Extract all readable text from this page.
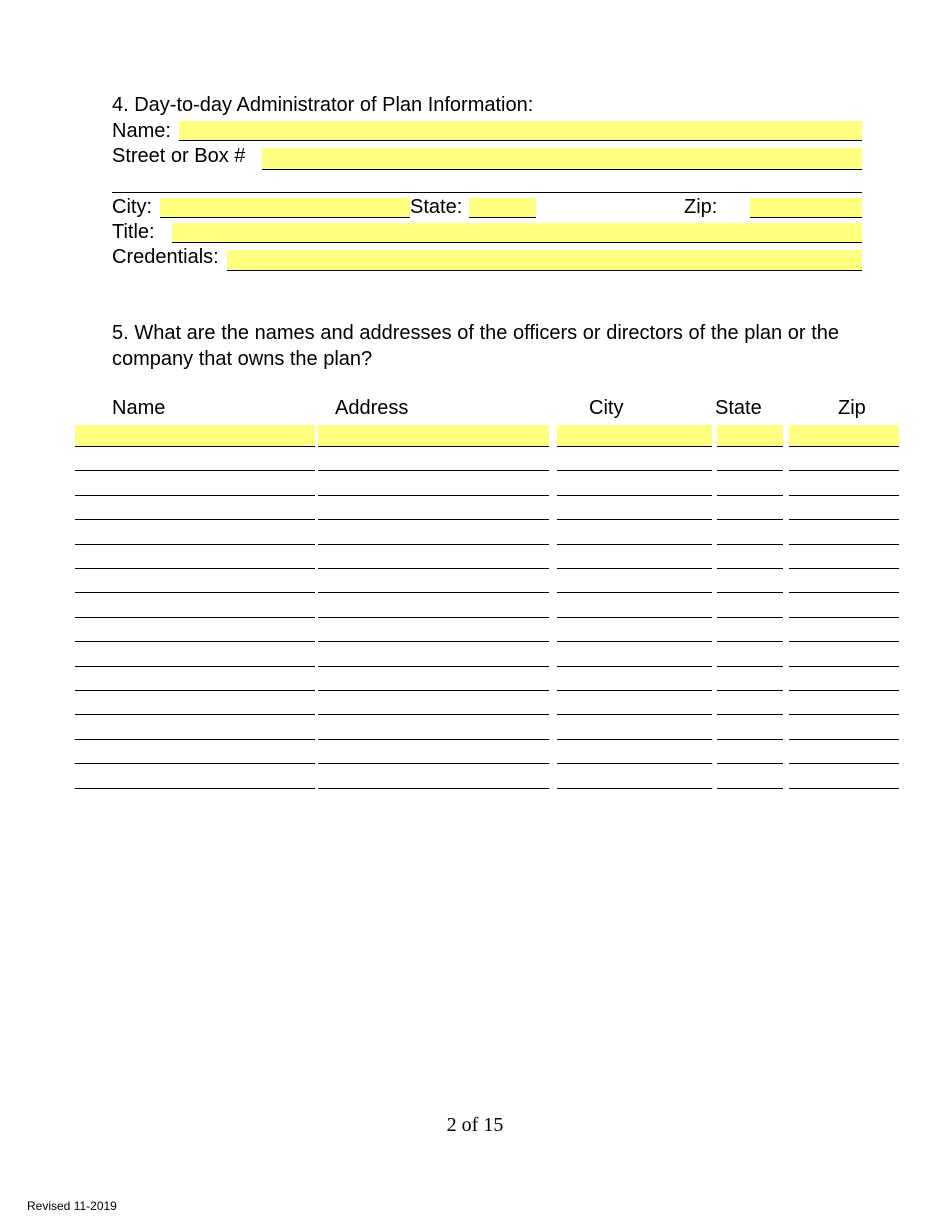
4. Day-to-day Administrator of Plan Information:
Name:
Street or Box #
City:	State:	Zip:
Title:
Credentials:
5. What are the names and addresses of the officers or directors of the plan or the company that owns the plan?
Name	Address	City	State	Zip
2 of 15
Revised 11-2019
